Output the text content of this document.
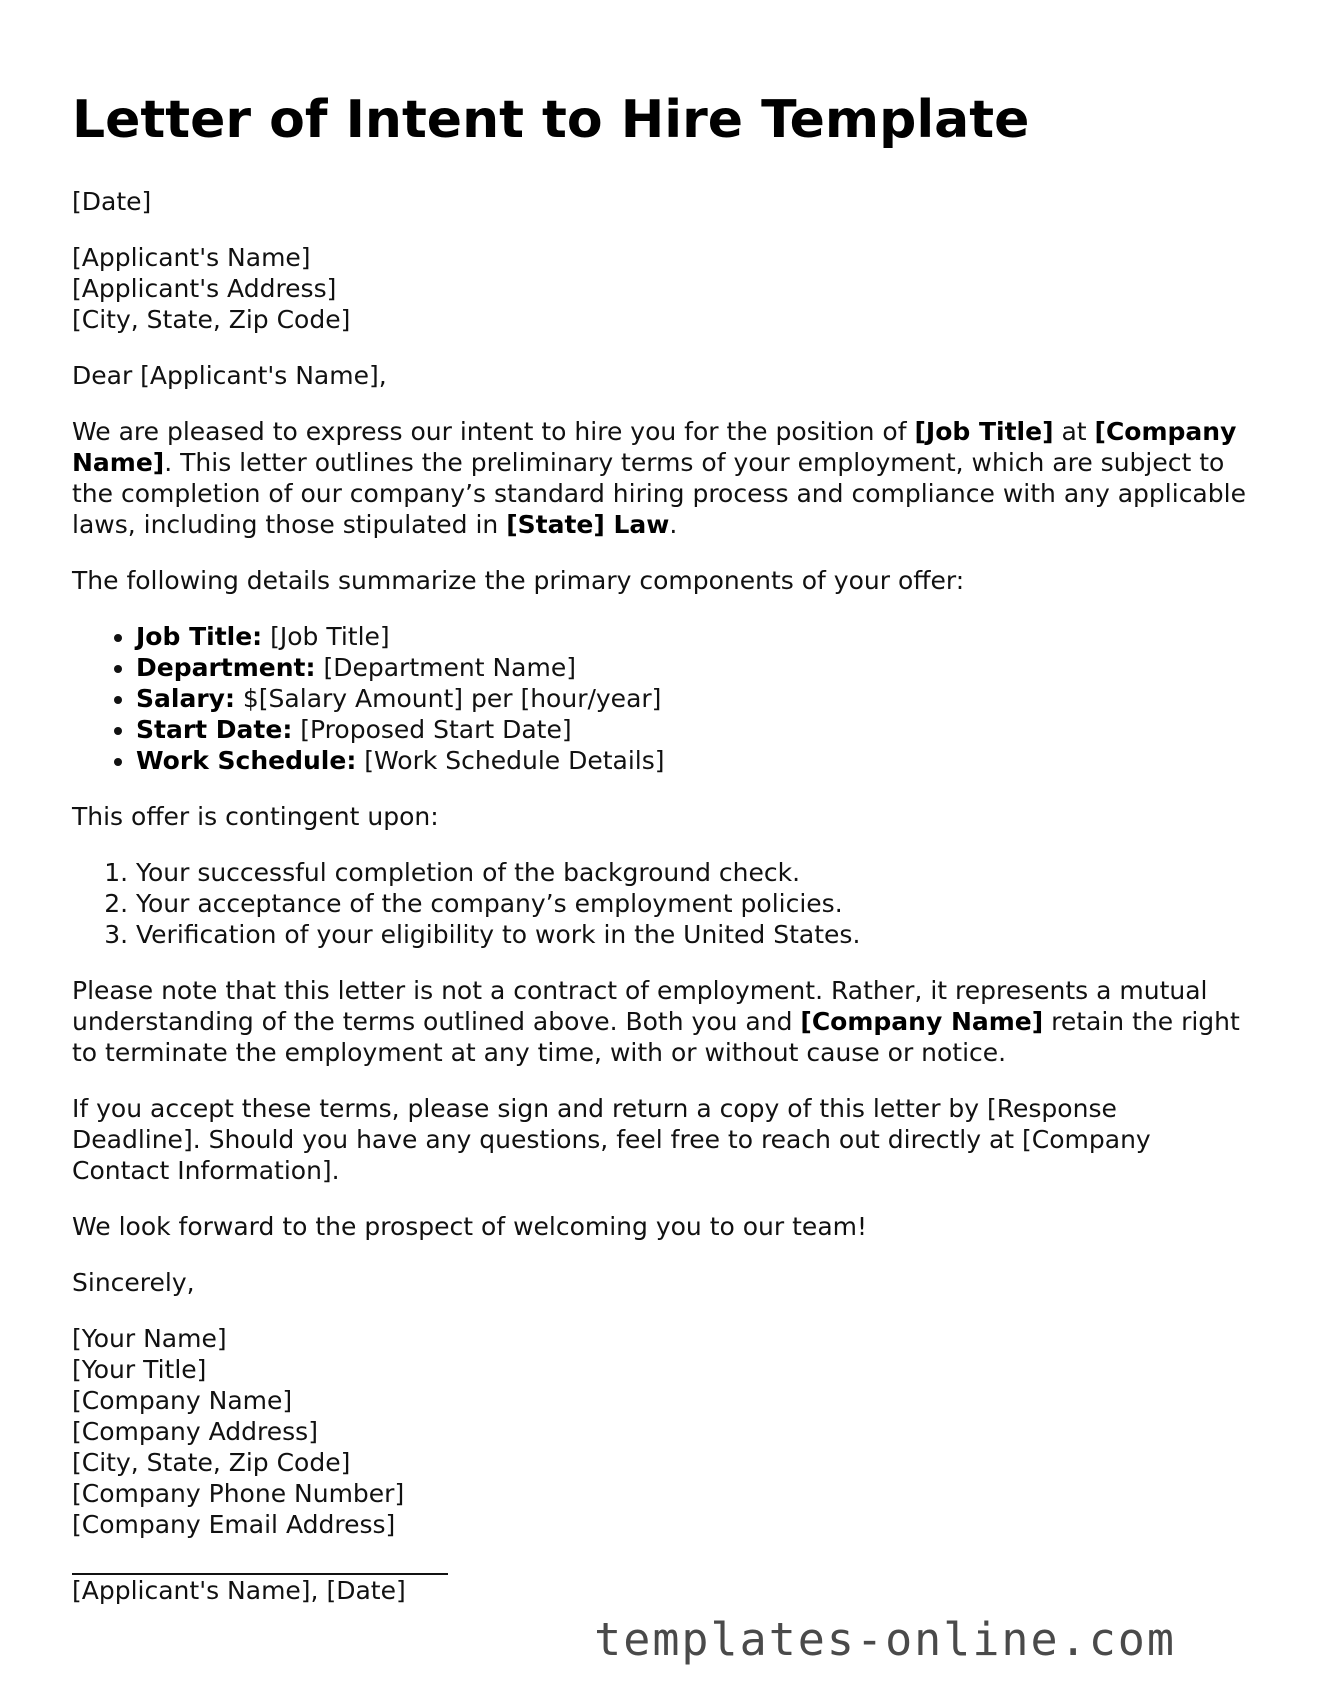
Letter of Intent to Hire Template

[Date]

[Applicant's Name]
[Applicant's Address]
[City, State, Zip Code]

Dear [Applicant's Name],

We are pleased to express our intent to hire you for the position of [Job Title] at [Company Name]. This letter outlines the preliminary terms of your employment, which are subject to the completion of our company’s standard hiring process and compliance with any applicable laws, including those stipulated in [State] Law.

The following details summarize the primary components of your offer:

• Job Title: [Job Title]
• Department: [Department Name]
• Salary: $[Salary Amount] per [hour/year]
• Start Date: [Proposed Start Date]
• Work Schedule: [Work Schedule Details]

This offer is contingent upon:

1. Your successful completion of the background check.
2. Your acceptance of the company’s employment policies.
3. Verification of your eligibility to work in the United States.

Please note that this letter is not a contract of employment. Rather, it represents a mutual understanding of the terms outlined above. Both you and [Company Name] retain the right to terminate the employment at any time, with or without cause or notice.

If you accept these terms, please sign and return a copy of this letter by [Response Deadline]. Should you have any questions, feel free to reach out directly at [Company Contact Information].

We look forward to the prospect of welcoming you to our team!

Sincerely,

[Your Name]
[Your Title]
[Company Name]
[Company Address]
[City, State, Zip Code]
[Company Phone Number]
[Company Email Address]
[Applicant's Name], [Date]
templates-online.com
